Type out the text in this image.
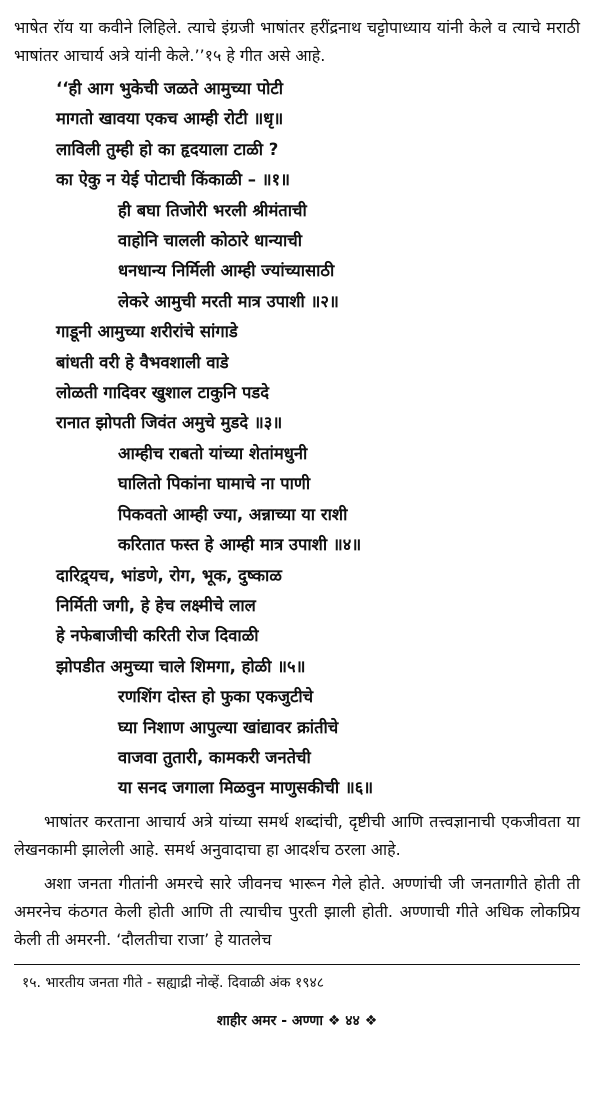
भाषेत रॉय या कवीने लिहिले. त्याचे इंग्रजी भाषांतर हरींद्रनाथ चट्टोपाध्याय यांनी केले व त्याचे मराठी भाषांतर आचार्य अत्रे यांनी केले.’’१५ हे गीत असे आहे.

‘‘ही आग भुकेची जळते आमुच्या पोटी
मागतो खावया एकच आम्ही रोटी ॥धृ॥
लाविली तुम्ही हो का हृदयाला टाळी ?
का ऐकु न येई पोटाची किंकाळी – ॥१॥
ही बघा तिजोरी भरली श्रीमंताची
वाहोनि चालली कोठारे धान्याची
धनधान्य निर्मिली आम्ही ज्यांच्यासाठी
लेकरे आमुची मरती मात्र उपाशी ॥२॥
गाडूनी आमुच्या शरीरांचे सांगाडे
बांधती वरी हे वैभवशाली वाडे
लोळती गादिवर खुशाल टाकुनि पडदे
रानात झोपती जिवंत अमुचे मुडदे ॥३॥
आम्हीच राबतो यांच्या शेतांमधुनी
घालितो पिकांना घामाचे ना पाणी
पिकवतो आम्ही ज्या, अन्नाच्या या राशी
करितात फस्त हे आम्ही मात्र उपाशी ॥४॥
दारिद्र्यच, भांडणे, रोग, भूक, दुष्काळ
निर्मिती जगी, हे हेच लक्ष्मीचे लाल
हे नफेबाजीची करिती रोज दिवाळी
झोपडीत अमुच्या चाले शिमगा, होळी ॥५॥
रणशिंग दोस्त हो फुका एकजुटीचे
घ्या निशाण आपुल्या खांद्यावर क्रांतीचे
वाजवा तुतारी, कामकरी जनतेची
या सनद जगाला मिळवुन माणुसकीची ॥६॥

भाषांतर करताना आचार्य अत्रे यांच्या समर्थ शब्दांची, दृष्टीची आणि तत्त्वज्ञानाची एकजीवता या लेखनकामी झालेली आहे. समर्थ अनुवादाचा हा आदर्शच ठरला आहे.

अशा जनता गीतांनी अमरचे सारे जीवनच भारून गेले होते. अण्णांची जी जनतागीते होती ती अमरनेच कंठगत केली होती आणि ती त्याचीच पुरती झाली होती. अण्णाची गीते अधिक लोकप्रिय केली ती अमरनी. ‘दौलतीचा राजा’ हे यातलेच

१५. भारतीय जनता गीते - सह्याद्री नोव्हें. दिवाळी अंक १९४८
शाहीर अमर - अण्णा ❖ ४४ ❖
